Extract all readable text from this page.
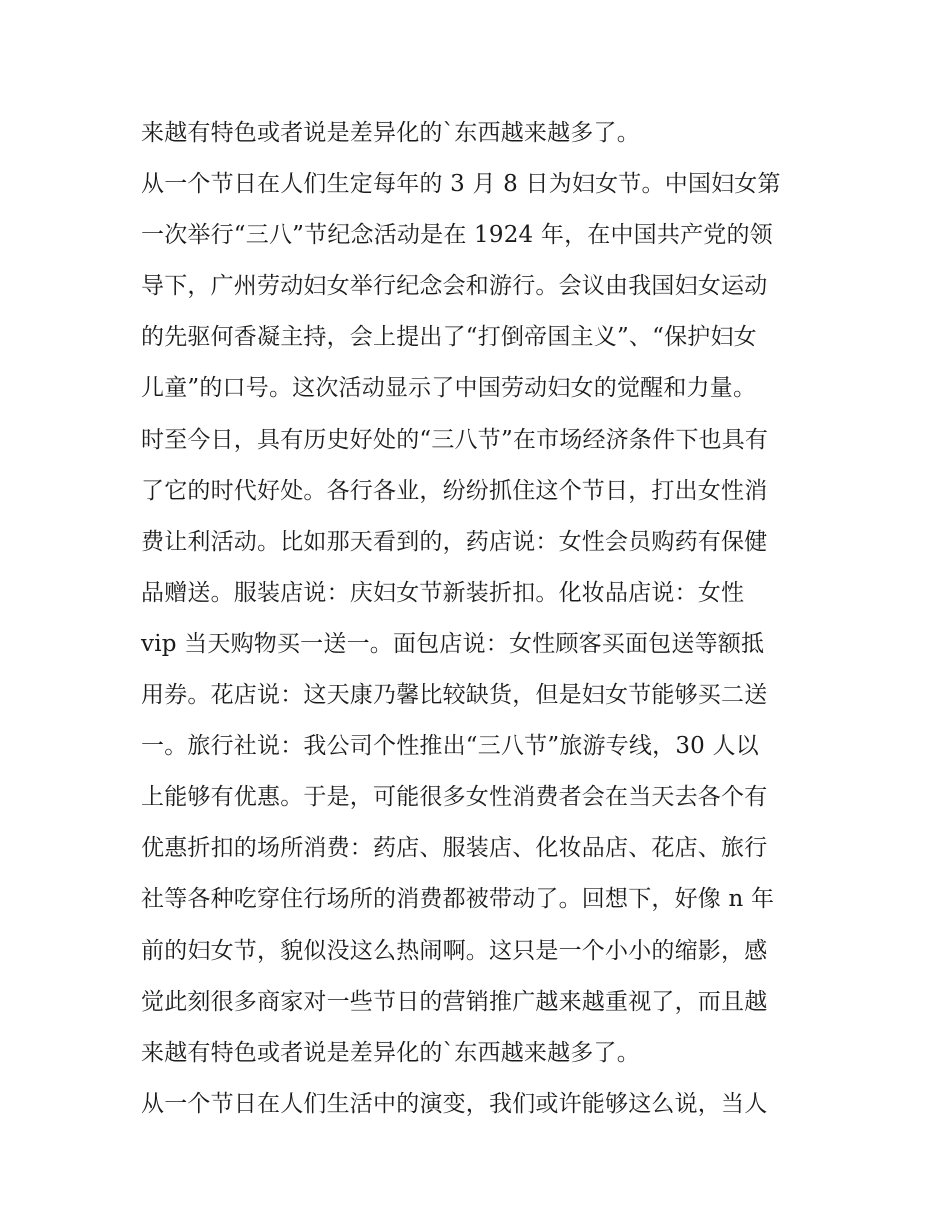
来越有特色或者说是差异化的`东西越来越多了。
从一个节日在人们生定每年的 3 月 8 日为妇女节。中国妇女第
一次举行“三八”节纪念活动是在 1924 年，在中国共产党的领
导下，广州劳动妇女举行纪念会和游行。会议由我国妇女运动
的先驱何香凝主持，会上提出了“打倒帝国主义”、“保护妇女
儿童”的口号。这次活动显示了中国劳动妇女的觉醒和力量。
时至今日，具有历史好处的“三八节”在市场经济条件下也具有
了它的时代好处。各行各业，纷纷抓住这个节日，打出女性消
费让利活动。比如那天看到的，药店说：女性会员购药有保健
品赠送。服装店说：庆妇女节新装折扣。化妆品店说：女性
vip 当天购物买一送一。面包店说：女性顾客买面包送等额抵
用券。花店说：这天康乃馨比较缺货，但是妇女节能够买二送
一。旅行社说：我公司个性推出“三八节”旅游专线，30 人以
上能够有优惠。于是，可能很多女性消费者会在当天去各个有
优惠折扣的场所消费：药店、服装店、化妆品店、花店、旅行
社等各种吃穿住行场所的消费都被带动了。回想下，好像 n 年
前的妇女节，貌似没这么热闹啊。这只是一个小小的缩影，感
觉此刻很多商家对一些节日的营销推广越来越重视了，而且越
来越有特色或者说是差异化的`东西越来越多了。
从一个节日在人们生活中的演变，我们或许能够这么说，当人
